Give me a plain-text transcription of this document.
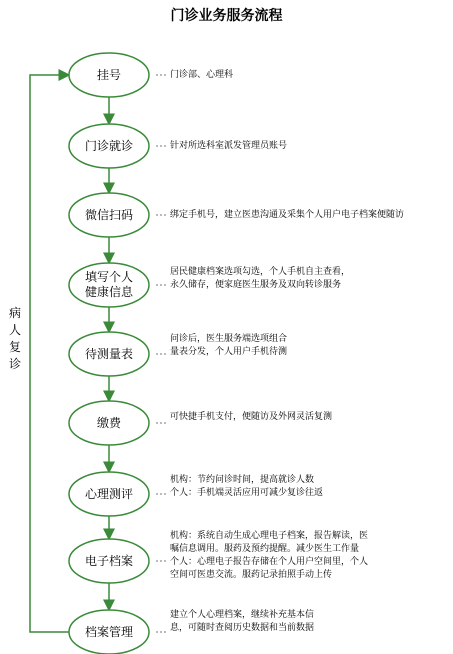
门诊业务服务流程
挂号
门诊就诊
微信扫码
填写个人
健康信息
待测量表
缴费
心理测评
电子档案
档案管理
病
人
复
诊

门诊部、心理科

针对所选科室派发管理员账号

绑定手机号，建立医患沟通及采集个人用户电子档案便随访

居民健康档案选项勾选，个人手机自主查看，

永久储存，便家庭医生服务及双向转诊服务

问诊后，医生服务端选项组合

量表分发，个人用户手机待测

可快捷手机支付，便随访及外网灵活复测

机构：节约问诊时间，提高就诊人数

个人：手机端灵活应用可减少复诊往返

机构：系统自动生成心理电子档案，报告解读，医

嘱信息调用。服药及预约提醒。减少医生工作量

个人：心理电子报告存储在个人用户空间里，个人

空间可医患交流。服药记录拍照手动上传

建立个人心理档案，继续补充基本信

息，可随时查阅历史数据和当前数据
